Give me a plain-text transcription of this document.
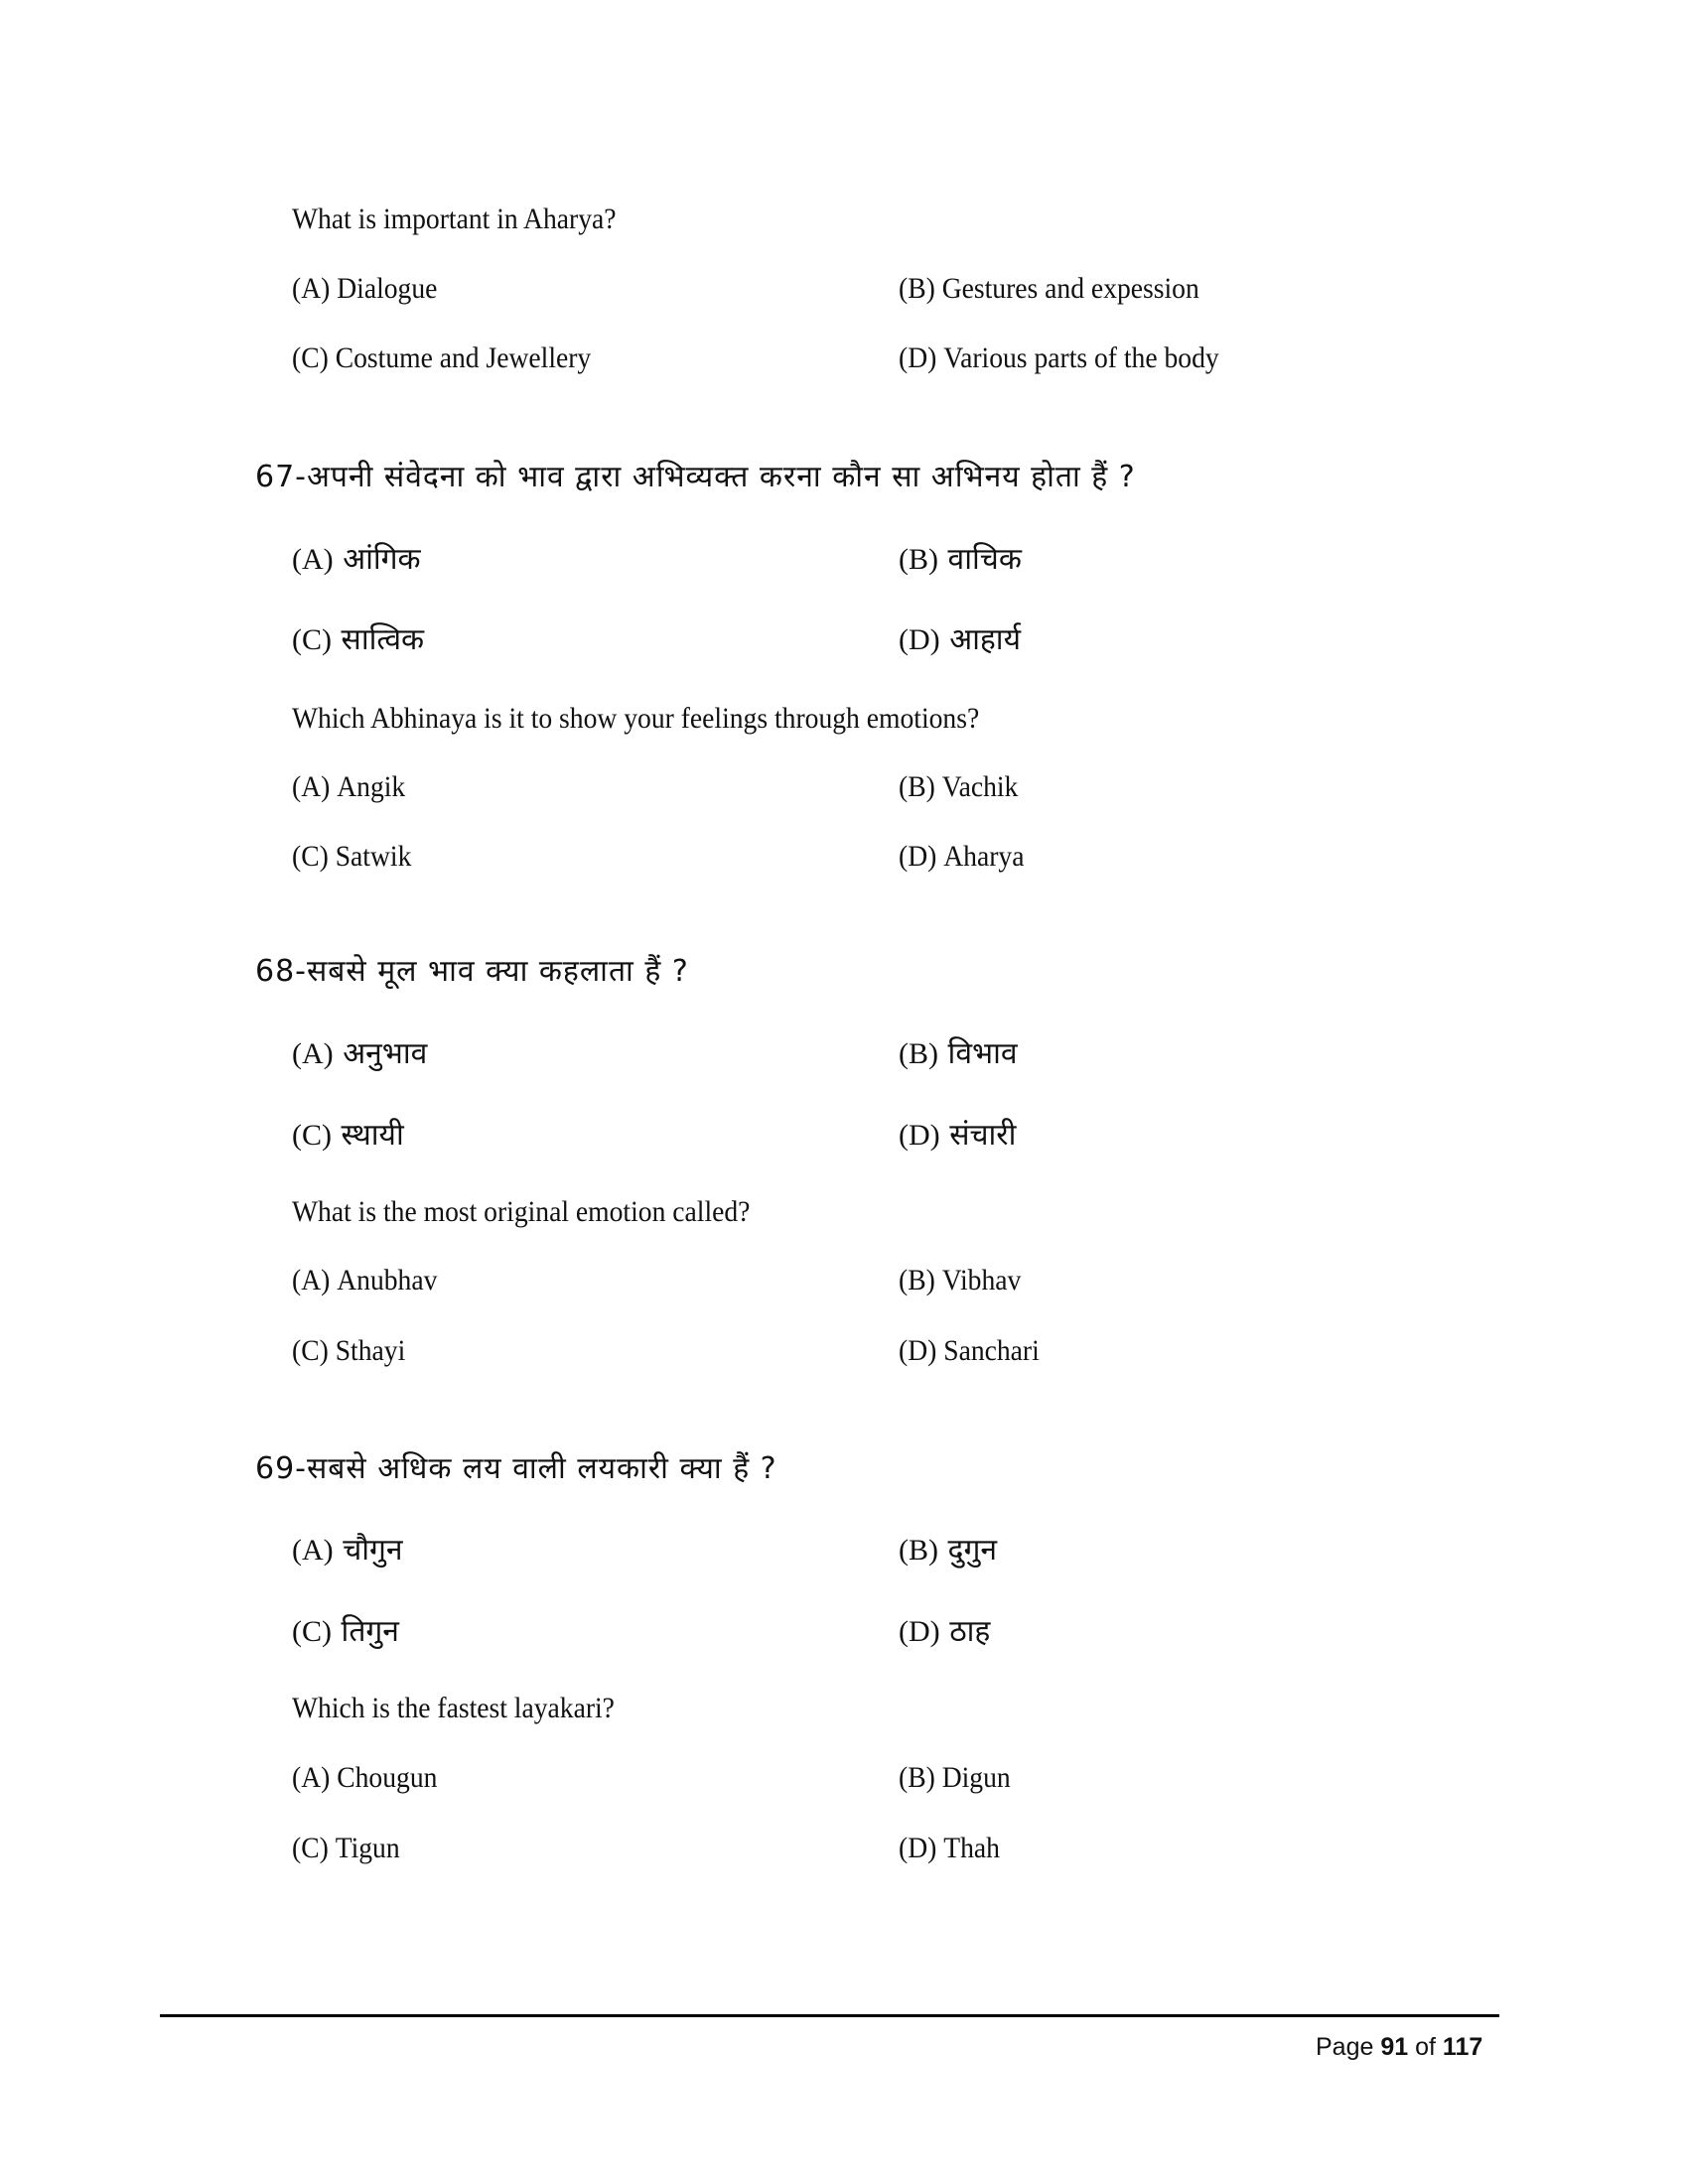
What is important in Aharya?
(A) Dialogue	(B) Gestures and expession
(C) Costume and Jewellery	(D) Various parts of the body
67-अपनी संवेदना को भाव द्वारा अभिव्यक्त करना कौन सा अभिनय होता हैं ?
(A) आंगिक	(B) वाचिक
(C) सात्विक	(D) आहार्य
Which Abhinaya is it to show your feelings through emotions?
(A) Angik	(B) Vachik
(C) Satwik	(D) Aharya
68-सबसे मूल भाव क्या कहलाता हैं ?
(A) अनुभाव	(B) विभाव
(C) स्थायी	(D) संचारी
What is the most original emotion called?
(A) Anubhav	(B) Vibhav
(C) Sthayi	(D) Sanchari
69-सबसे अधिक लय वाली लयकारी क्या हैं ?
(A) चौगुन	(B) दुगुन
(C) तिगुन	(D) ठाह
Which is the fastest layakari?
(A) Chougun	(B) Digun
(C) Tigun	(D) Thah
Page 91 of 117
